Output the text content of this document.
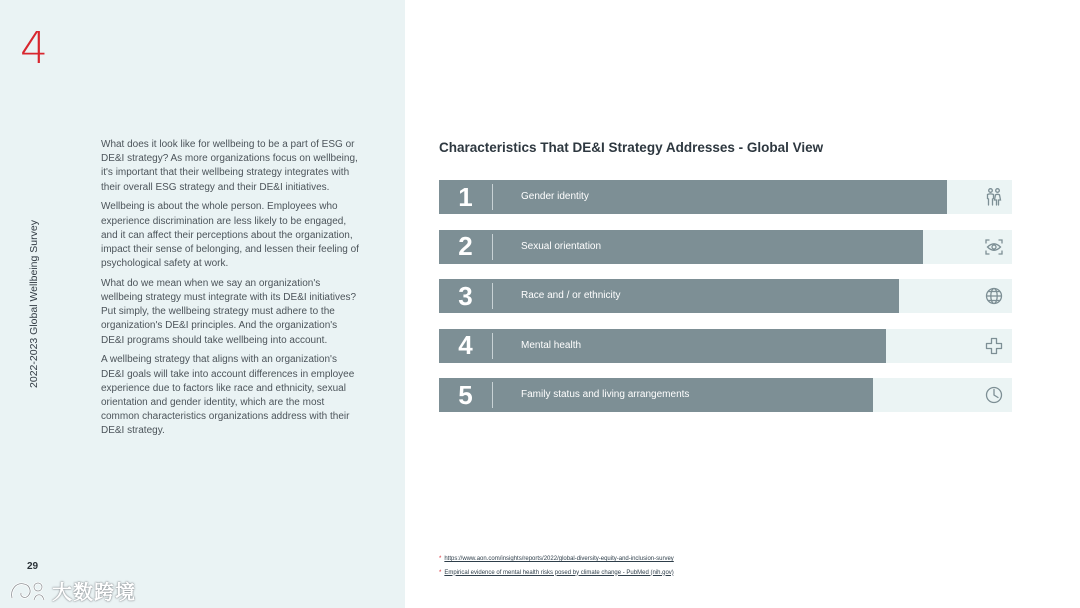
4
2022-2023 Global Wellbeing Survey

What does it look like for wellbeing to be a part of ESG or DE&I strategy? As more organizations focus on wellbeing, it's important that their wellbeing strategy integrates with their overall ESG strategy and their DE&I initiatives.

Wellbeing is about the whole person. Employees who experience discrimination are less likely to be engaged, and it can affect their perceptions about the organization, impact their sense of belonging, and lessen their feeling of psychological safety at work.

What do we mean when we say an organization's wellbeing strategy must integrate with its DE&I initiatives? Put simply, the wellbeing strategy must adhere to the organization's DE&I principles. And the organization's DE&I programs should take wellbeing into account.

A wellbeing strategy that aligns with an organization's DE&I goals will take into account differences in employee experience due to factors like race and ethnicity, sexual orientation and gender identity, which are the most common characteristics organizations address with their DE&I strategy.

29
大数跨境
Characteristics That DE&I Strategy Addresses - Global View
1	Gender identity
2	Sexual orientation
3	Race and / or ethnicity
4	Mental health
5	Family status and living arrangements
* https://www.aon.com/insights/reports/2022/global-diversity-equity-and-inclusion-survey
* Empirical evidence of mental health risks posed by climate change - PubMed (nih.gov)
